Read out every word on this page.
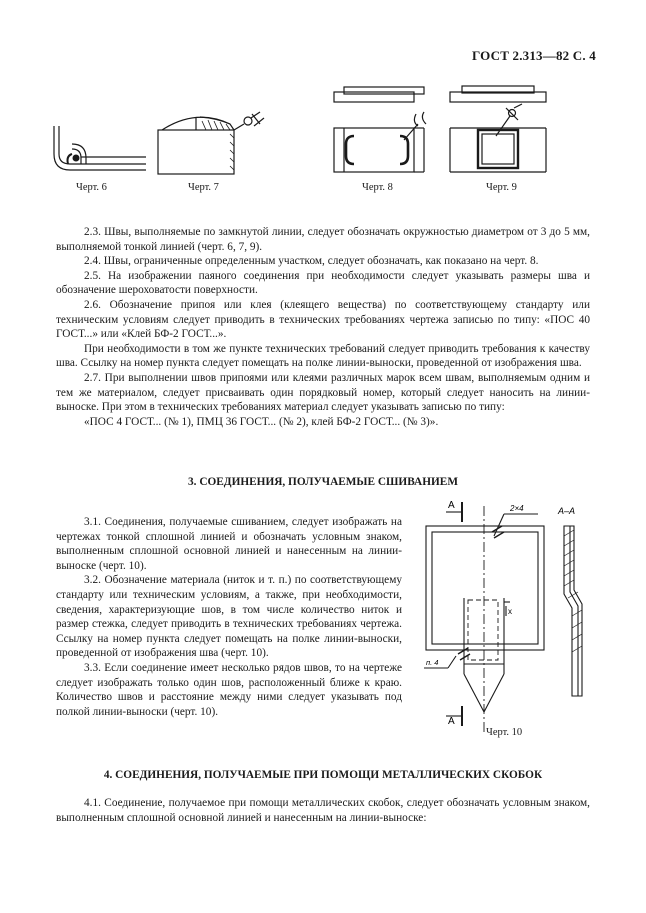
ГОСТ 2.313—82 С. 4
Черт. 6	Черт. 7	Черт. 8	Черт. 9

2.3. Швы, выполняемые по замкнутой линии, следует обозначать окружностью диаметром от 3 до 5 мм, выполняемой тонкой линией (черт. 6, 7, 9).

2.4. Швы, ограниченные определенным участком, следует обозначать, как показано на черт. 8.

2.5. На изображении паяного соединения при необходимости следует указывать размеры шва и обозначение шероховатости поверхности.

2.6. Обозначение припоя или клея (клеящего вещества) по соответствующему стандарту или техническим условиям следует приводить в технических требованиях чертежа записью по типу: «ПОС 40 ГОСТ...» или «Клей БФ-2 ГОСТ...».

При необходимости в том же пункте технических требований следует приводить требования к качеству шва. Ссылку на номер пункта следует помещать на полке линии-выноски, проведенной от изображения шва.

2.7. При выполнении швов припоями или клеями различных марок всем швам, выполняемым одним и тем же материалом, следует присваивать один порядковый номер, который следует наносить на линии-выноске. При этом в технических требованиях материал следует указывать записью по типу:

«ПОС 4 ГОСТ... (№ 1), ПМЦ 36 ГОСТ... (№ 2), клей БФ-2 ГОСТ... (№ 3)».

3. СОЕДИНЕНИЯ, ПОЛУЧАЕМЫЕ СШИВАНИЕМ

3.1. Соединения, получаемые сшиванием, следует изображать на чертежах тонкой сплошной линией и обозначать условным знаком, выполненным сплошной основной линией и нанесенным на линии-выноске (черт. 10).

3.2. Обозначение материала (ниток и т. п.) по соответствующему стандарту или техническим условиям, а также, при необходимости, сведения, характеризующие шов, в том числе количество ниток и размер стежка, следует приводить в технических требованиях чертежа. Ссылку на номер пункта следует помещать на полке линии-выноски, проведенной от изображения шва (черт. 10).

3.3. Если соединение имеет несколько рядов швов, то на чертеже следует изображать только один шов, расположенный ближе к краю. Количество швов и расстояние между ними следует указывать под полкой линии-выноски (черт. 10).

A	2×4	A–A
п. 4
A
x
Черт. 10
4. СОЕДИНЕНИЯ, ПОЛУЧАЕМЫЕ ПРИ ПОМОЩИ МЕТАЛЛИЧЕСКИХ СКОБОК

4.1. Соединение, получаемое при помощи металлических скобок, следует обозначать условным знаком, выполненным сплошной основной линией и нанесенным на линии-выноске:
